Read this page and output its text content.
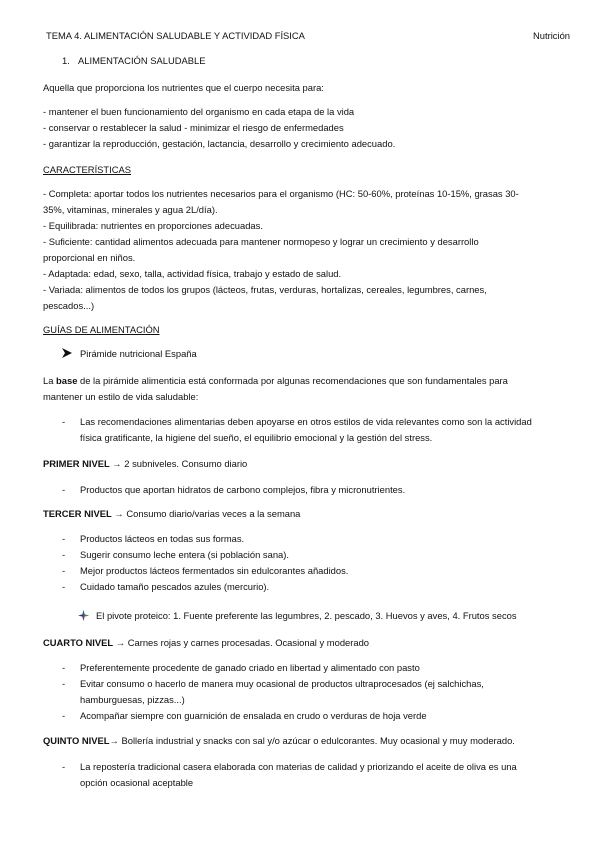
TEMA 4. ALIMENTACIÓN SALUDABLE Y ACTIVIDAD FÍSICA	Nutrición
1. ALIMENTACIÓN SALUDABLE
Aquella que proporciona los nutrientes que el cuerpo necesita para:
- mantener el buen funcionamiento del organismo en cada etapa de la vida
- conservar o restablecer la salud - minimizar el riesgo de enfermedades
- garantizar la reproducción, gestación, lactancia, desarrollo y crecimiento adecuado.
CARACTERÍSTICAS
- Completa: aportar todos los nutrientes necesarios para el organismo (HC: 50-60%, proteínas 10-15%, grasas 30-
35%, vitaminas, minerales y agua 2L/día).
- Equilibrada: nutrientes en proporciones adecuadas.
- Suficiente: cantidad alimentos adecuada para mantener normopeso y lograr un crecimiento y desarrollo
proporcional en niños.
- Adaptada: edad, sexo, talla, actividad física, trabajo y estado de salud.
- Variada: alimentos de todos los grupos (lácteos, frutas, verduras, hortalizas, cereales, legumbres, carnes,
pescados...)
GUÍAS DE ALIMENTACIÓN
Pirámide nutricional España
La base de la pirámide alimenticia está conformada por algunas recomendaciones que son fundamentales para
mantener un estilo de vida saludable:
- Las recomendaciones alimentarias deben apoyarse en otros estilos de vida relevantes como son la actividad
física gratificante, la higiene del sueño, el equilibrio emocional y la gestión del stress.
PRIMER NIVEL → 2 subniveles. Consumo diario
- Productos que aportan hidratos de carbono complejos, fibra y micronutrientes.
TERCER NIVEL → Consumo diario/varias veces a la semana
- Productos lácteos en todas sus formas.
- Sugerir consumo leche entera (si población sana).
- Mejor productos lácteos fermentados sin edulcorantes añadidos.
- Cuidado tamaño pescados azules (mercurio).
El pivote proteico: 1. Fuente preferente las legumbres, 2. pescado, 3. Huevos y aves, 4. Frutos secos
CUARTO NIVEL → Carnes rojas y carnes procesadas. Ocasional y moderado
- Preferentemente procedente de ganado criado en libertad y alimentado con pasto
- Evitar consumo o hacerlo de manera muy ocasional de productos ultraprocesados (ej salchichas,
hamburguesas, pizzas...)
- Acompañar siempre con guarnición de ensalada en crudo o verduras de hoja verde
QUINTO NIVEL→ Bollería industrial y snacks con sal y/o azúcar o edulcorantes. Muy ocasional y muy moderado.
- La repostería tradicional casera elaborada con materias de calidad y priorizando el aceite de oliva es una
opción ocasional aceptable
